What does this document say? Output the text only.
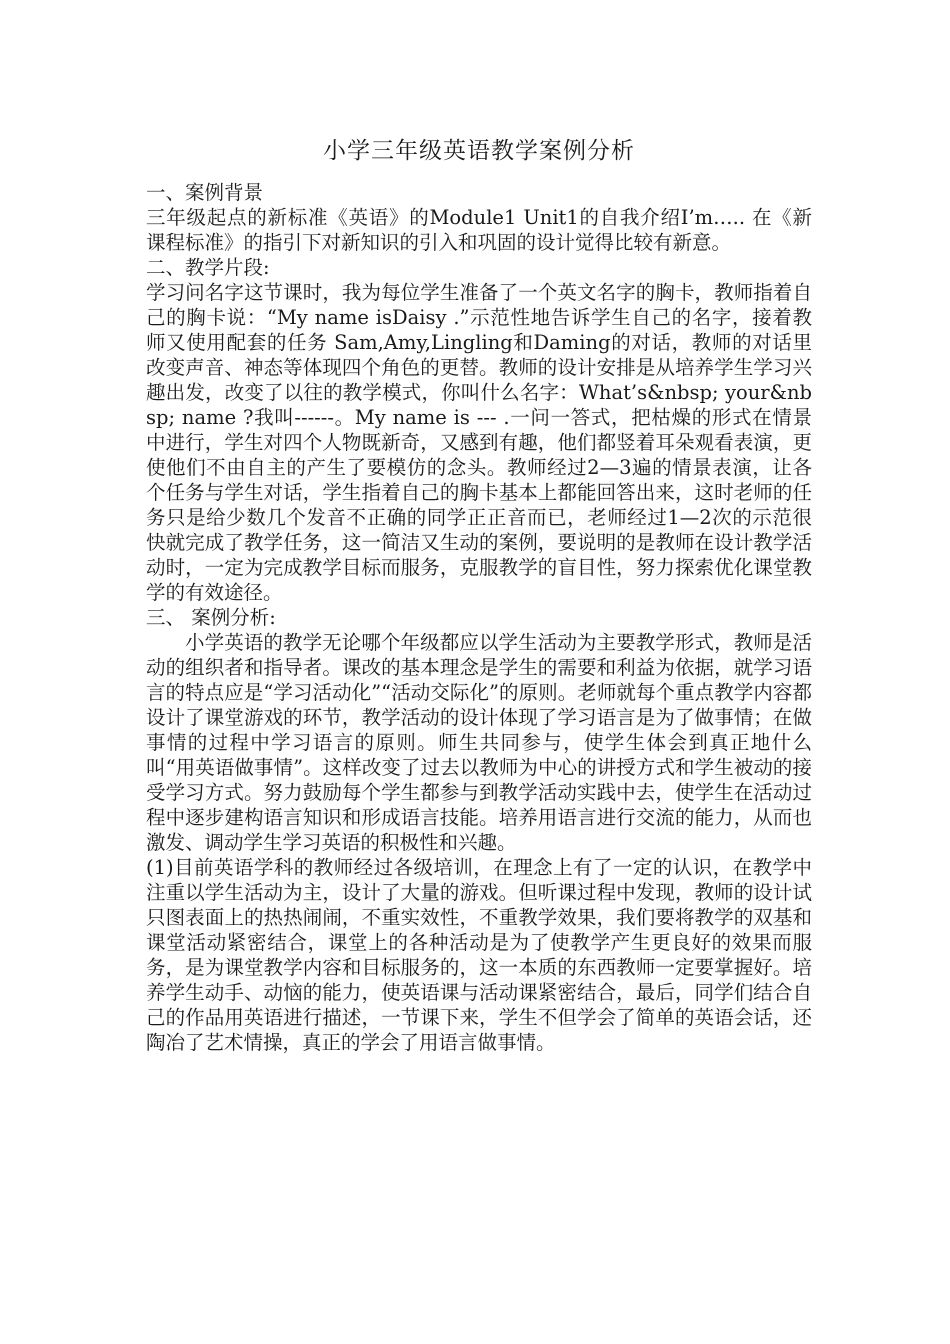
小学三年级英语教学案例分析
一、案例背景

三年级起点的新标准《英语》的Module1 Unit1的自我介绍I’m….. 在《新课程标准》的指引下对新知识的引入和巩固的设计觉得比较有新意。

二、教学片段:

学习问名字这节课时，我为每位学生准备了一个英文名字的胸卡，教师指着自己的胸卡说：“My name isDaisy .”示范性地告诉学生自己的名字，接着教师又使用配套的任务 Sam,Amy,Lingling和Daming的对话，教师的对话里改变声音、神态等体现四个角色的更替。教师的设计安排是从培养学生学习兴趣出发，改变了以往的教学模式，你叫什么名字：What’s&nbsp; your&nbsp; name ?我叫------。My name is --- .一问一答式，把枯燥的形式在情景中进行，学生对四个人物既新奇，又感到有趣，他们都竖着耳朵观看表演，更使他们不由自主的产生了要模仿的念头。教师经过2—3遍的情景表演，让各个任务与学生对话，学生指着自己的胸卡基本上都能回答出来，这时老师的任务只是给少数几个发音不正确的同学正正音而已，老师经过1—2次的示范很快就完成了教学任务，这一简洁又生动的案例，要说明的是教师在设计教学活动时，一定为完成教学目标而服务，克服教学的盲目性，努力探索优化课堂教学的有效途径。

三、 案例分析:

小学英语的教学无论哪个年级都应以学生活动为主要教学形式，教师是活动的组织者和指导者。课改的基本理念是学生的需要和利益为依据，就学习语言的特点应是“学习活动化”“活动交际化”的原则。老师就每个重点教学内容都设计了课堂游戏的环节，教学活动的设计体现了学习语言是为了做事情；在做事情的过程中学习语言的原则。师生共同参与，使学生体会到真正地什么叫“用英语做事情”。这样改变了过去以教师为中心的讲授方式和学生被动的接受学习方式。努力鼓励每个学生都参与到教学活动实践中去，使学生在活动过程中逐步建构语言知识和形成语言技能。培养用语言进行交流的能力，从而也激发、调动学生学习英语的积极性和兴趣。

(1)目前英语学科的教师经过各级培训，在理念上有了一定的认识，在教学中注重以学生活动为主，设计了大量的游戏。但听课过程中发现，教师的设计试只图表面上的热热闹闹，不重实效性，不重教学效果，我们要将教学的双基和课堂活动紧密结合，课堂上的各种活动是为了使教学产生更良好的效果而服务，是为课堂教学内容和目标服务的，这一本质的东西教师一定要掌握好。培养学生动手、动恼的能力，使英语课与活动课紧密结合，最后，同学们结合自己的作品用英语进行描述，一节课下来，学生不但学会了简单的英语会话，还陶冶了艺术情操，真正的学会了用语言做事情。
